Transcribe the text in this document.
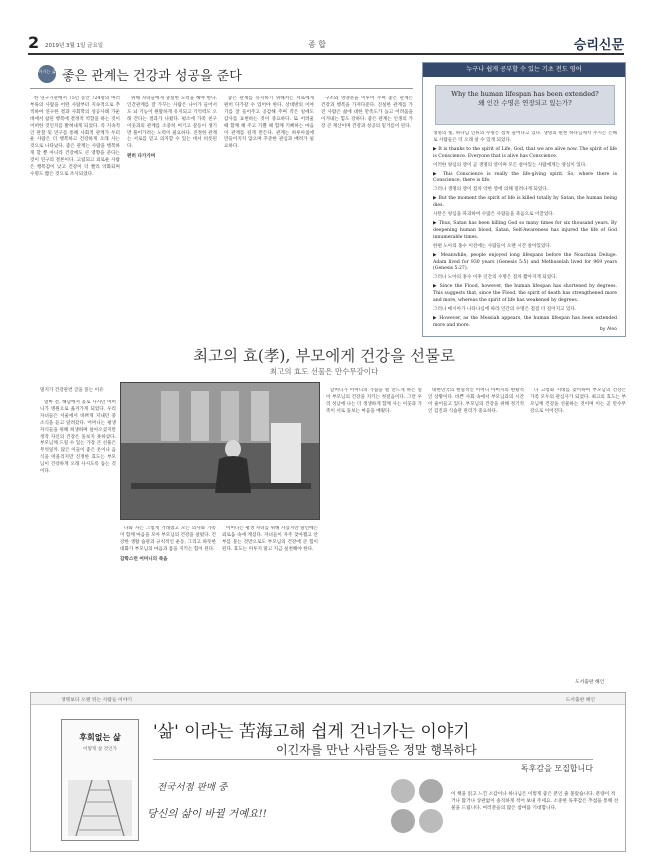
2 2019년 3월 1일 금요일	종 합	승리신문
아기는 삶 좋은 관계는 건강과 성공을 준다

한 연구기관에서 75년 동안 724명의 여러 부류의 사람을 어떤 사람부터 지속적으로 추적하여 연구한 결과 사회학의 성공사례 가운데에서 참된 행복에 결정적 역할을 하는 것이 어떠한 것인지를 밝혀내게 되었다. 즉 지속적인 관찰 및 연구를 통해 사회적 관계가 두터운 사람은 더 행복하고 건강하게 오래 사는 것으로 나타났다. 좋은 관계는 사람을 행복하게 할 뿐 아니라 건강에도 큰 영향을 준다는 것이 연구의 결론이다. 고립되고 외로운 사람은 행복감이 낮고 건강이 더 빨리 악화되며 수명도 짧은 것으로 조사되었다.

위해 자녀들에게 충실한 노력을 해야 한다. 인간관계를 잘 가꾸는 사람은 나이가 들어서도 뇌 기능이 원활하게 유지되고 기억력도 오래 간다는 결과가 나왔다. 평소에 가족 친구 이웃과의 관계를 소중히 여기고 갈등이 생기면 풀어가려는 노력이 필요하다. 진정한 관계는 서로를 믿고 의지할 수 있는 데서 비롯된다.

편히 다가가며

좋은 관계를 유지하기 위해서는 서로에게 편히 다가갈 수 있어야 한다. 상대방의 이야기를 잘 들어주고 공감해 주며 작은 일에도 감사를 표현하는 것이 중요하다. 또 어려울 때 함께 해 주고 기쁠 때 함께 기뻐하는 마음이 관계를 깊게 만든다. 관계는 하루아침에 만들어지지 않으며 꾸준한 관심과 배려가 필요하다.

구조와 영양분을 이루어 주며 좋은 관계는 건강과 행복을 가져다준다. 진실한 관계를 가진 사람은 삶에 대한 만족도가 높고 어려움을 이겨내는 힘도 강하다. 좋은 관계는 인생의 가장 큰 재산이며 건강과 성공의 밑거름이 된다.

누구나 쉽게 공부할 수 있는 기초 전도 영어
Why the human lifespan has been extended?
왜 인간 수명은 연장되고 있는가?

생명의 빛, 하나님 인류의 수명은 점차 늘어나고 있다. 생명의 원천 하나님께서 주시는 은혜로 사람들은 더 오래 살 수 있게 되었다.

▶ It is thanks to the spirit of Life, God, that we are alive now. The spirit of life is Conscience. Everyone that is alive has Conscience.

이러한 양심의 영이 곧 생명의 영이며 모든 살아있는 사람에게는 양심이 있다.

▶ This Conscience is really the life-giving spirit. So, where there is Conscience, there is life.

그러나 생명의 영이 점차 악한 영에 의해 밀려나게 되었다.

▶ But the moment the spirit of life is killed totally by Satan, the human being dies.

사탄은 양심을 파괴하여 수많은 사람들을 죽음으로 이끌었다.

▶ Thus, Satan has been killing God so many times for six thousand years. By deepening human blood, Satan, Self-Awareness has injured the life of God innumerable times.

한편 노아의 홍수 이전에는 사람들이 오랜 시간 살아있었다.

▶ Meanwhile, people enjoyed long lifespans before the Noachian Deluge. Adam lived for 930 years (Genesis 5:5) and Methuselah lived for 969 years (Genesis 5:27).

그러나 노아의 홍수 이후 인간의 수명은 점차 짧아지게 되었다.

▶ Since the Flood, however, the human lifespan has shortened by degrees. This suggests that, since the Flood, the spirit of death has strengthened more and more, whereas the spirit of life has weakened by degrees.

그러나 메시아가 나타나심에 따라 인간의 수명은 점점 더 길어지고 있다.

▶ However, as the Messiah appears, the human lifespan has been extended more and more.

by Aleo
최고의 효(孝), 부모에게 건강을 선물로
최고의 효도 선물은 만수무강이다
멀지가 건강관련 글을 읽는 이유

얼마 전, 해남에서 홀로 사시던 어머니가 병원으로 옮겨가게 되었다. 우리 자녀들은 서울에서 바쁘게 지내던 중 소식을 듣고 달려갔다. 어머니는 평생 자식들을 위해 희생하며 살아오셨지만 정작 자신의 건강은 돌보지 못하셨다. 부모님께 드릴 수 있는 가장 큰 선물은 무엇일까. 많은 이들이 좋은 옷이나 음식을 떠올리지만 진정한 효도는 부모님이 건강하게 오래 사시도록 돕는 것이다.

나와 자는 그렇게 거래했고 모든 의사와 가족이 함께 마음을 모아 부모님의 건강을 살폈다. 건강한 생활 습관과 규칙적인 운동, 그리고 따뜻한 대화가 부모님의 마음과 몸을 지키는 힘이 된다.

감학스런 어머니의 죽음

어머니는 평생 자녀를 위해 사셨지만 말년에는 외로움 속에 계셨다. 자녀들이 자주 찾아뵙고 안부를 묻는 것만으로도 부모님의 건강에 큰 힘이 된다. 효도는 미루지 말고 지금 실천해야 한다.

할머니가 어머니의 가슴을 펼 만드게 하는 일이 부모님의 건강을 지키는 첫걸음이다. 그런 우리 성남에 나는 더 생생하게 함께 사는 이웃과 가족이 서로 돌보는 마음을 배웠다.

대한민국의 현실적인 어머니 아버지의 현황적인 상황이다. 바쁜 사회 속에서 부모님과의 시간이 줄어들고 있다. 부모님의 건강을 위해 정기적인 검진과 식습관 관리가 중요하다.

나 고령화 시대를 맞이하여 부모님의 건강은 가족 모두의 관심사가 되었다. 최고의 효도는 부모님께 건강을 선물하는 것이며 이는 곧 만수무강으로 이어진다.

도서출판 해인
생명보다 오랜 뒤는 사람들 이야기	도서출판 해인
후회없는 삶
어떻게 살 것인가
'삶' 이라는 苦海고해 쉽게 건너가는 이야기
이긴자를 만난 사람들은 정말 행복하다
독후감을 모집합니다
전국서점 판매 중
당신의 삶이 바뀔 거예요!!
이 책을 읽고 느낀 소감이나 하나님은 이렇게 좋은 분인 줄 몰랐습니다. 분량이 적거나 많거나 상관없이 솔직하게 적어 보내 주세요. 소중한 독후감은 추첨을 통해 선물을 드립니다. 여러분들의 많은 참여를 기대합니다.
